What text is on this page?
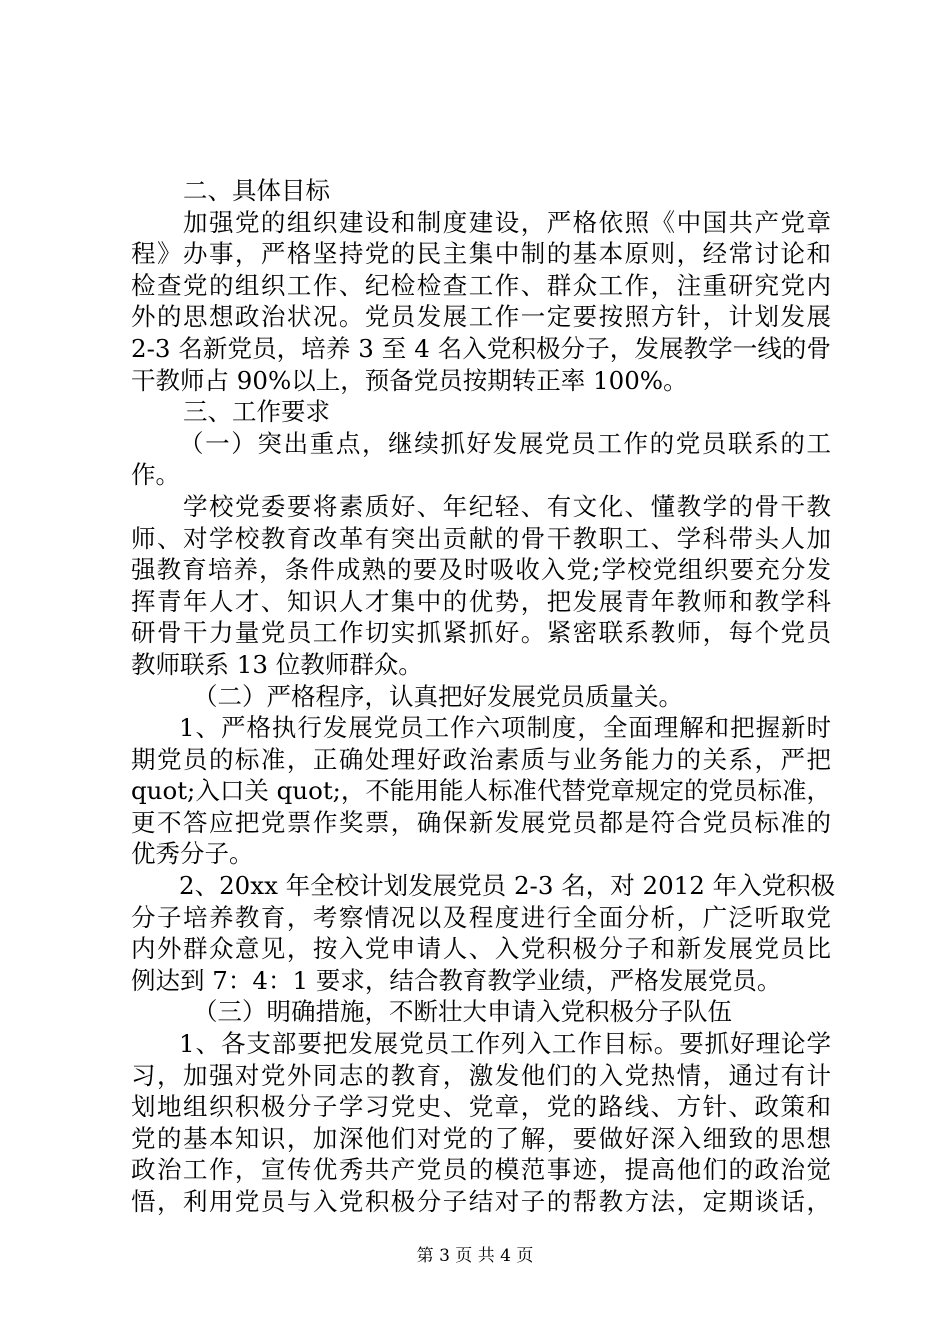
二、具体目标
加强党的组织建设和制度建设，严格依照《中国共产党章
程》办事，严格坚持党的民主集中制的基本原则，经常讨论和
检查党的组织工作、纪检检查工作、群众工作，注重研究党内
外的思想政治状况。党员发展工作一定要按照方针，计划发展
2-3 名新党员，培养 3 至 4 名入党积极分子，发展教学一线的骨
干教师占 90%以上，预备党员按期转正率 100%。
三、工作要求
（一）突出重点，继续抓好发展党员工作的党员联系的工
作。
学校党委要将素质好、年纪轻、有文化、懂教学的骨干教
师、对学校教育改革有突出贡献的骨干教职工、学科带头人加
强教育培养，条件成熟的要及时吸收入党;学校党组织要充分发
挥青年人才、知识人才集中的优势，把发展青年教师和教学科
研骨干力量党员工作切实抓紧抓好。紧密联系教师，每个党员
教师联系 13 位教师群众。
（二）严格程序，认真把好发展党员质量关。
1、严格执行发展党员工作六项制度，全面理解和把握新时
期党员的标准，正确处理好政治素质与业务能力的关系，严把
quot;入口关 quot;，不能用能人标准代替党章规定的党员标准，
更不答应把党票作奖票，确保新发展党员都是符合党员标准的
优秀分子。
2、20xx 年全校计划发展党员 2-3 名，对 2012 年入党积极
分子培养教育，考察情况以及程度进行全面分析，广泛听取党
内外群众意见，按入党申请人、入党积极分子和新发展党员比
例达到 7：4：1 要求，结合教育教学业绩，严格发展党员。
（三）明确措施，不断壮大申请入党积极分子队伍
1、各支部要把发展党员工作列入工作目标。要抓好理论学
习，加强对党外同志的教育，激发他们的入党热情，通过有计
划地组织积极分子学习党史、党章，党的路线、方针、政策和
党的基本知识，加深他们对党的了解，要做好深入细致的思想
政治工作，宣传优秀共产党员的模范事迹，提高他们的政治觉
悟，利用党员与入党积极分子结对子的帮教方法，定期谈话，
第 3 页 共 4 页
